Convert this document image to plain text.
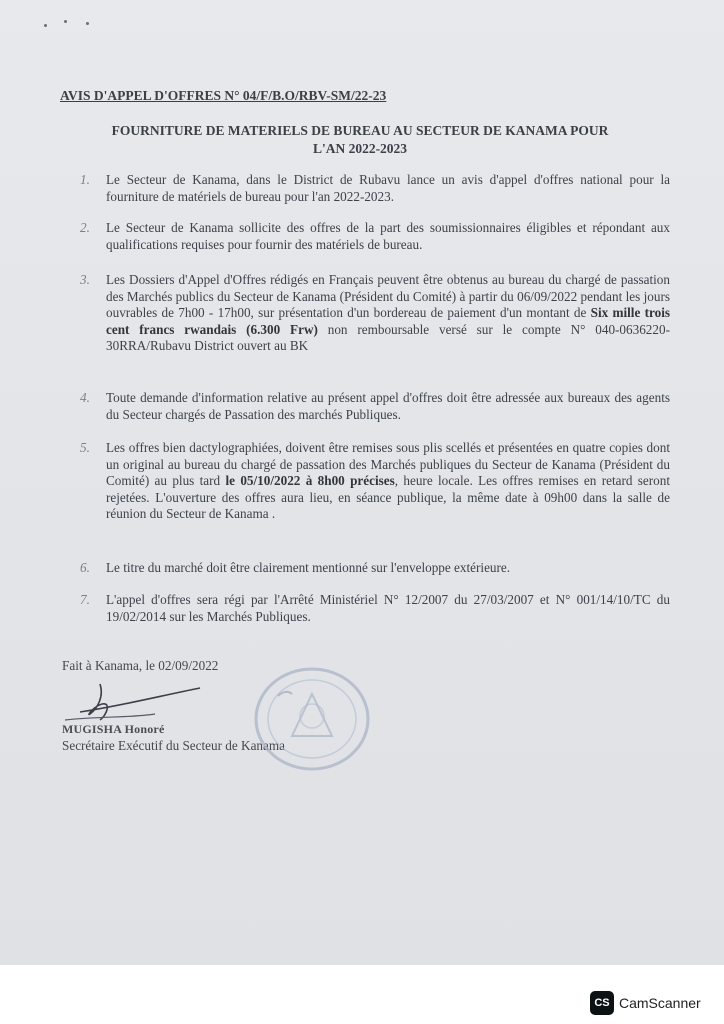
AVIS D'APPEL D'OFFRES N° 04/F/B.O/RBV-SM/22-23
FOURNITURE DE MATERIELS DE BUREAU AU SECTEUR DE KANAMA POUR
L'AN 2022-2023
1.	Le Secteur de Kanama, dans le District de Rubavu lance un avis d'appel d'offres national pour la fourniture de matériels de bureau pour l'an 2022-2023.
2.	Le Secteur de Kanama sollicite des offres de la part des soumissionnaires éligibles et répondant aux qualifications requises pour fournir des matériels de bureau.
3.	Les Dossiers d'Appel d'Offres rédigés en Français peuvent être obtenus au bureau du chargé de passation des Marchés publics du Secteur de Kanama (Président du Comité) à partir du 06/09/2022 pendant les jours ouvrables de 7h00 - 17h00, sur présentation d'un bordereau de paiement d'un montant de Six mille trois cent francs rwandais (6.300 Frw) non remboursable versé sur le compte N° 040-0636220-30RRA/Rubavu District ouvert au BK
4.	Toute demande d'information relative au présent appel d'offres doit être adressée aux bureaux des agents du Secteur chargés de Passation des marchés Publiques.
5.	Les offres bien dactylographiées, doivent être remises sous plis scellés et présentées en quatre copies dont un original au bureau du chargé de passation des Marchés publiques du Secteur de Kanama (Président du Comité) au plus tard le 05/10/2022 à 8h00 précises, heure locale. Les offres remises en retard seront rejetées. L'ouverture des offres aura lieu, en séance publique, la même date à 09h00 dans la salle de réunion du Secteur de Kanama .
6.	Le titre du marché doit être clairement mentionné sur l'enveloppe extérieure.
7.	L'appel d'offres sera régi par l'Arrêté Ministériel N° 12/2007 du 27/03/2007 et N° 001/14/10/TC du 19/02/2014 sur les Marchés Publiques.
Fait à Kanama, le 02/09/2022
MUGISHA Honoré
Secrétaire Exécutif du Secteur de Kanama
CS CamScanner
